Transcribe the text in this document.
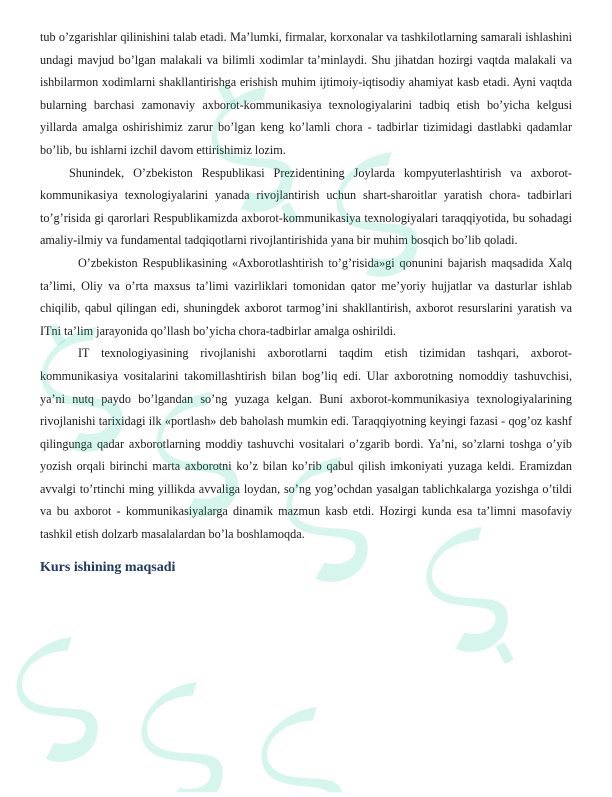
tub o’zgarishlar qilinishini talab etadi. Ma’lumki, firmalar, korxonalar va tashkilotlarning samarali ishlashini undagi mavjud bo’lgan malakali va bilimli xodimlar ta’minlaydi. Shu jihatdan hozirgi vaqtda malakali va ishbilarmon xodimlarni shakllantirishga erishish muhim ijtimoiy-iqtisodiy ahamiyat kasb etadi. Ayni vaqtda bularning barchasi zamonaviy axborot-kommunikasiya texnologiyalarini tadbiq etish bo’yicha kelgusi yillarda amalga oshirishimiz zarur bo’lgan keng ko’lamli chora - tadbirlar tizimidagi dastlabki qadamlar bo’lib, bu ishlarni izchil davom ettirishimiz lozim.

Shunindek, O’zbekiston Respublikasi Prezidentining Joylarda kompyuterlashtirish va axborot-kommunikasiya texnologiyalarini yanada rivojlantirish uchun shart-sharoitlar yaratish chora- tadbirlari to’g’risida gi qarorlari Respublikamizda axborot-kommunikasiya texnologiyalari taraqqiyotida, bu sohadagi amaliy-ilmiy va fundamental tadqiqotlarni rivojlantirishida yana bir muhim bosqich bo’lib qoladi.

O’zbekiston Respublikasining «Axborotlashtirish to’g’risida»gi qonunini bajarish maqsadida Xalq ta’limi, Oliy va o’rta maxsus ta’limi vazirliklari tomonidan qator me’yoriy hujjatlar va dasturlar ishlab chiqilib, qabul qilingan edi, shuningdek axborot tarmog’ini shakllantirish, axborot resurslarini yaratish va ITni ta’lim jarayonida qo’llash bo’yicha chora-tadbirlar amalga oshirildi.

IT texnologiyasining rivojlanishi axborotlarni taqdim etish tizimidan tashqari, axborot-kommunikasiya vositalarini takomillashtirish bilan bog’liq edi. Ular axborotning nomoddiy tashuvchisi, ya’ni nutq paydo bo’lgandan so’ng yuzaga kelgan. Buni axborot-kommunikasiya texnologiyalarining rivojlanishi tarixidagi ilk «portlash» deb baholash mumkin edi. Taraqqiyotning keyingi fazasi - qog’oz kashf qilingunga qadar axborotlarning moddiy tashuvchi vositalari o’zgarib bordi. Ya’ni, so’zlarni toshga o’yib yozish orqali birinchi marta axborotni ko’z bilan ko’rib qabul qilish imkoniyati yuzaga keldi. Eramizdan avvalgi to’rtinchi ming yillikda avvaliga loydan, so’ng yog’ochdan yasalgan tablichkalarga yozishga o’tildi va bu axborot - kommunikasiyalarga dinamik mazmun kasb etdi. Hozirgi kunda esa ta’limni masofaviy tashkil etish dolzarb masalalardan bo’la boshlamoqda.

Kurs ishining maqsadi
